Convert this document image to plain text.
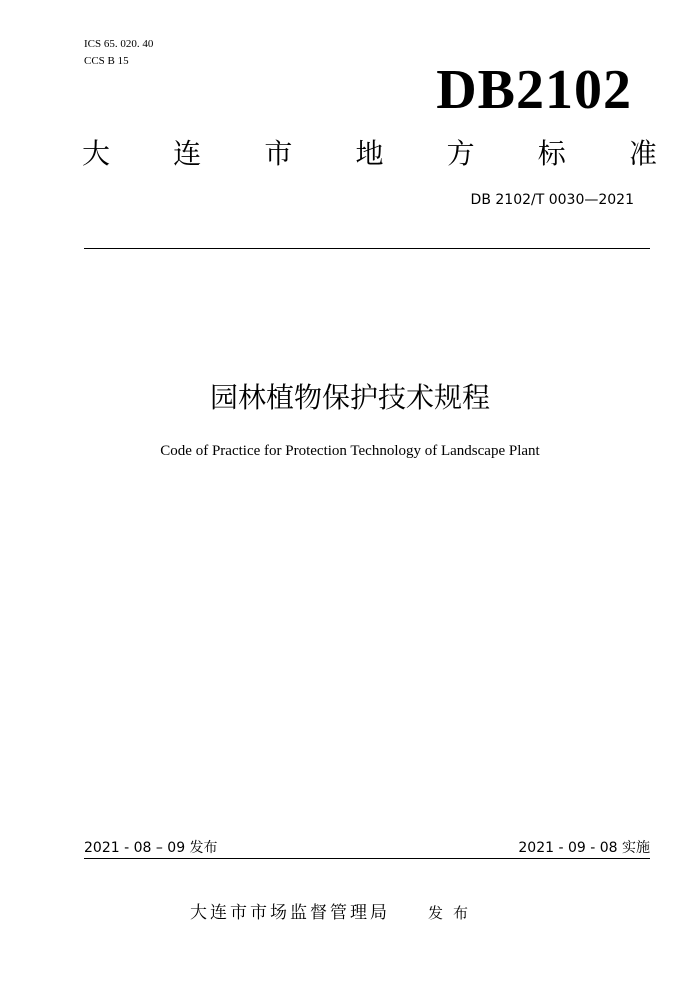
ICS 65. 020. 40
CCS B 15	DB2102
大 连 市 地 方 标 准
DB 2102/T 0030—2021
园林植物保护技术规程
Code of Practice for Protection Technology of Landscape Plant
2021 - 08 – 09 发布	2021 - 09 - 08 实施
大连市市场监督管理局	发布
